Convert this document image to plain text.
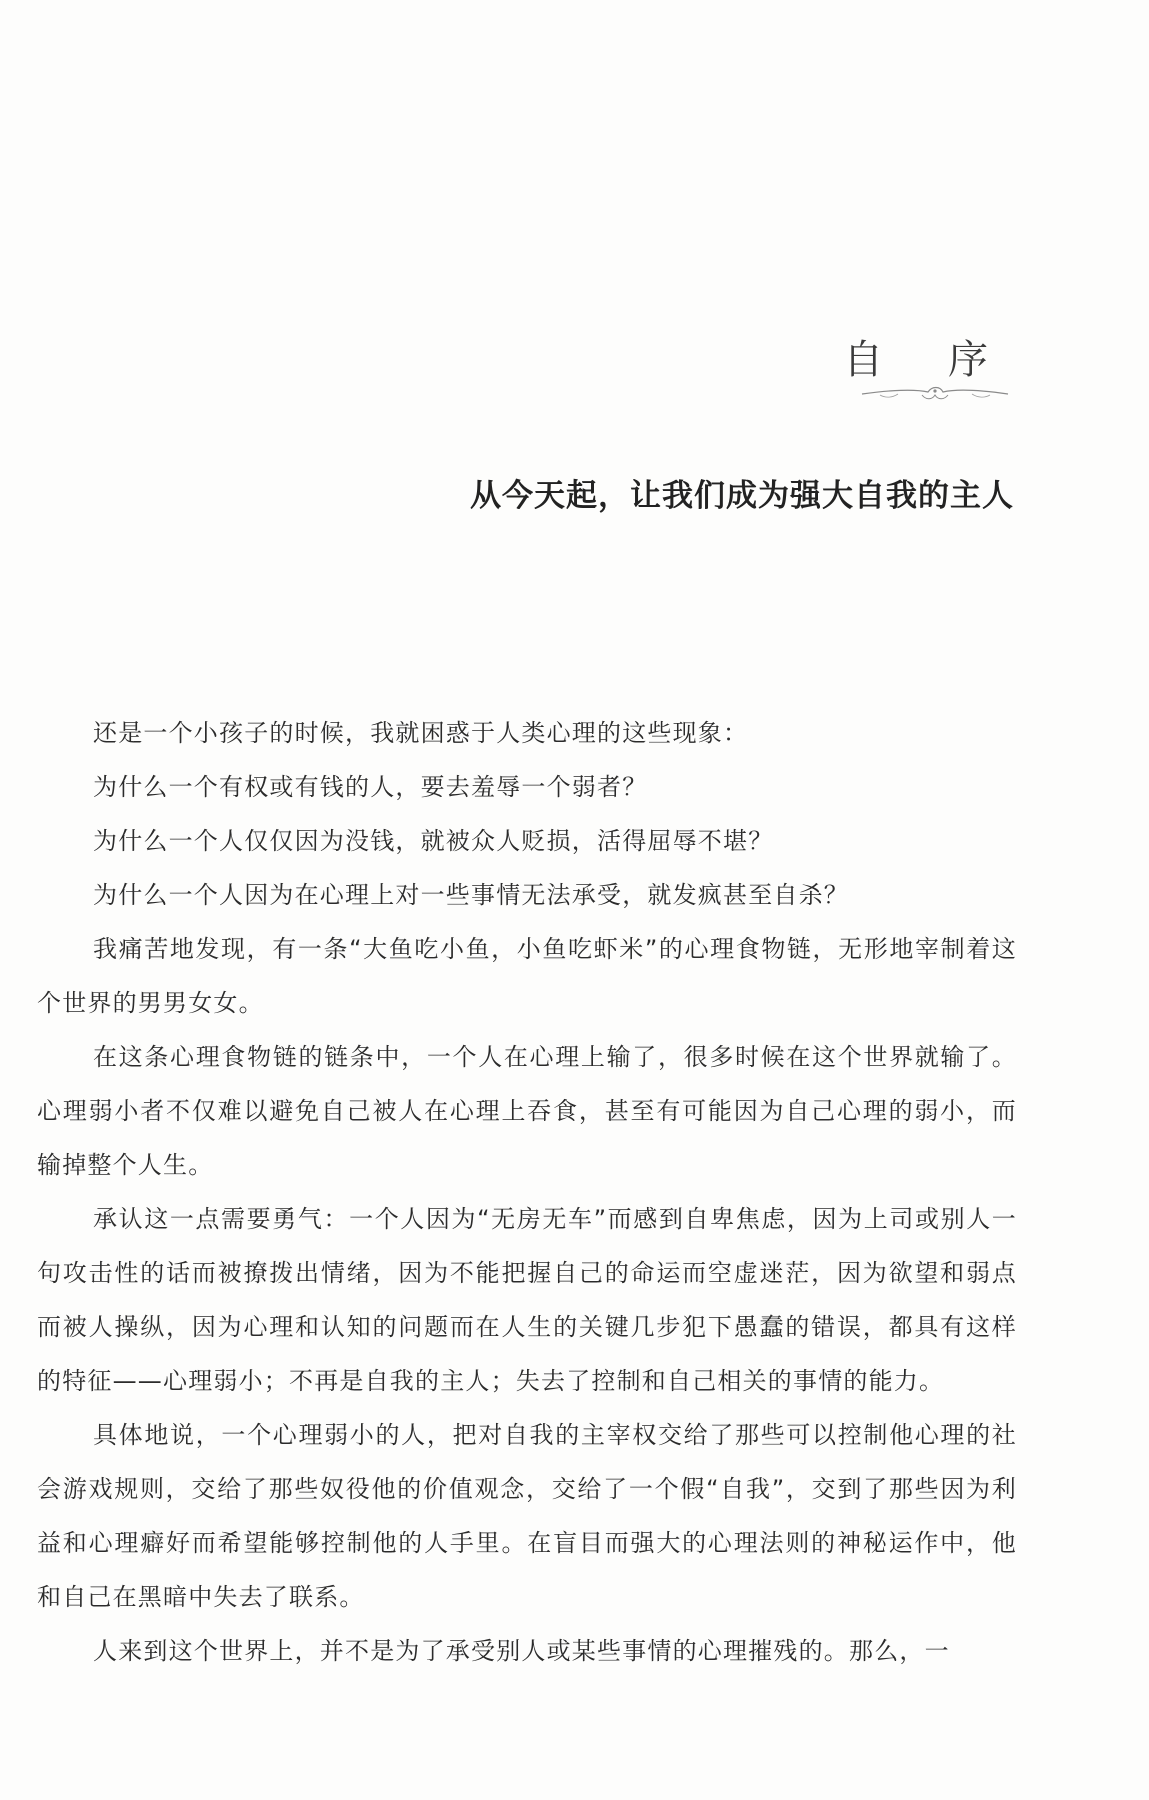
自 序
从今天起，让我们成为强大自我的主人

还是一个小孩子的时候，我就困惑于人类心理的这些现象：

为什么一个有权或有钱的人，要去羞辱一个弱者？

为什么一个人仅仅因为没钱，就被众人贬损，活得屈辱不堪？

为什么一个人因为在心理上对一些事情无法承受，就发疯甚至自杀？

我痛苦地发现，有一条“大鱼吃小鱼，小鱼吃虾米”的心理食物链，无形地宰制着这个世界的男男女女。

在这条心理食物链的链条中，一个人在心理上输了，很多时候在这个世界就输了。心理弱小者不仅难以避免自己被人在心理上吞食，甚至有可能因为自己心理的弱小，而输掉整个人生。

承认这一点需要勇气：一个人因为“无房无车”而感到自卑焦虑，因为上司或别人一句攻击性的话而被撩拨出情绪，因为不能把握自己的命运而空虚迷茫，因为欲望和弱点而被人操纵，因为心理和认知的问题而在人生的关键几步犯下愚蠢的错误，都具有这样的特征——心理弱小；不再是自我的主人；失去了控制和自己相关的事情的能力。

具体地说，一个心理弱小的人，把对自我的主宰权交给了那些可以控制他心理的社会游戏规则，交给了那些奴役他的价值观念，交给了一个假“自我”，交到了那些因为利益和心理癖好而希望能够控制他的人手里。在盲目而强大的心理法则的神秘运作中，他和自己在黑暗中失去了联系。

人来到这个世界上，并不是为了承受别人或某些事情的心理摧残的。那么，一
